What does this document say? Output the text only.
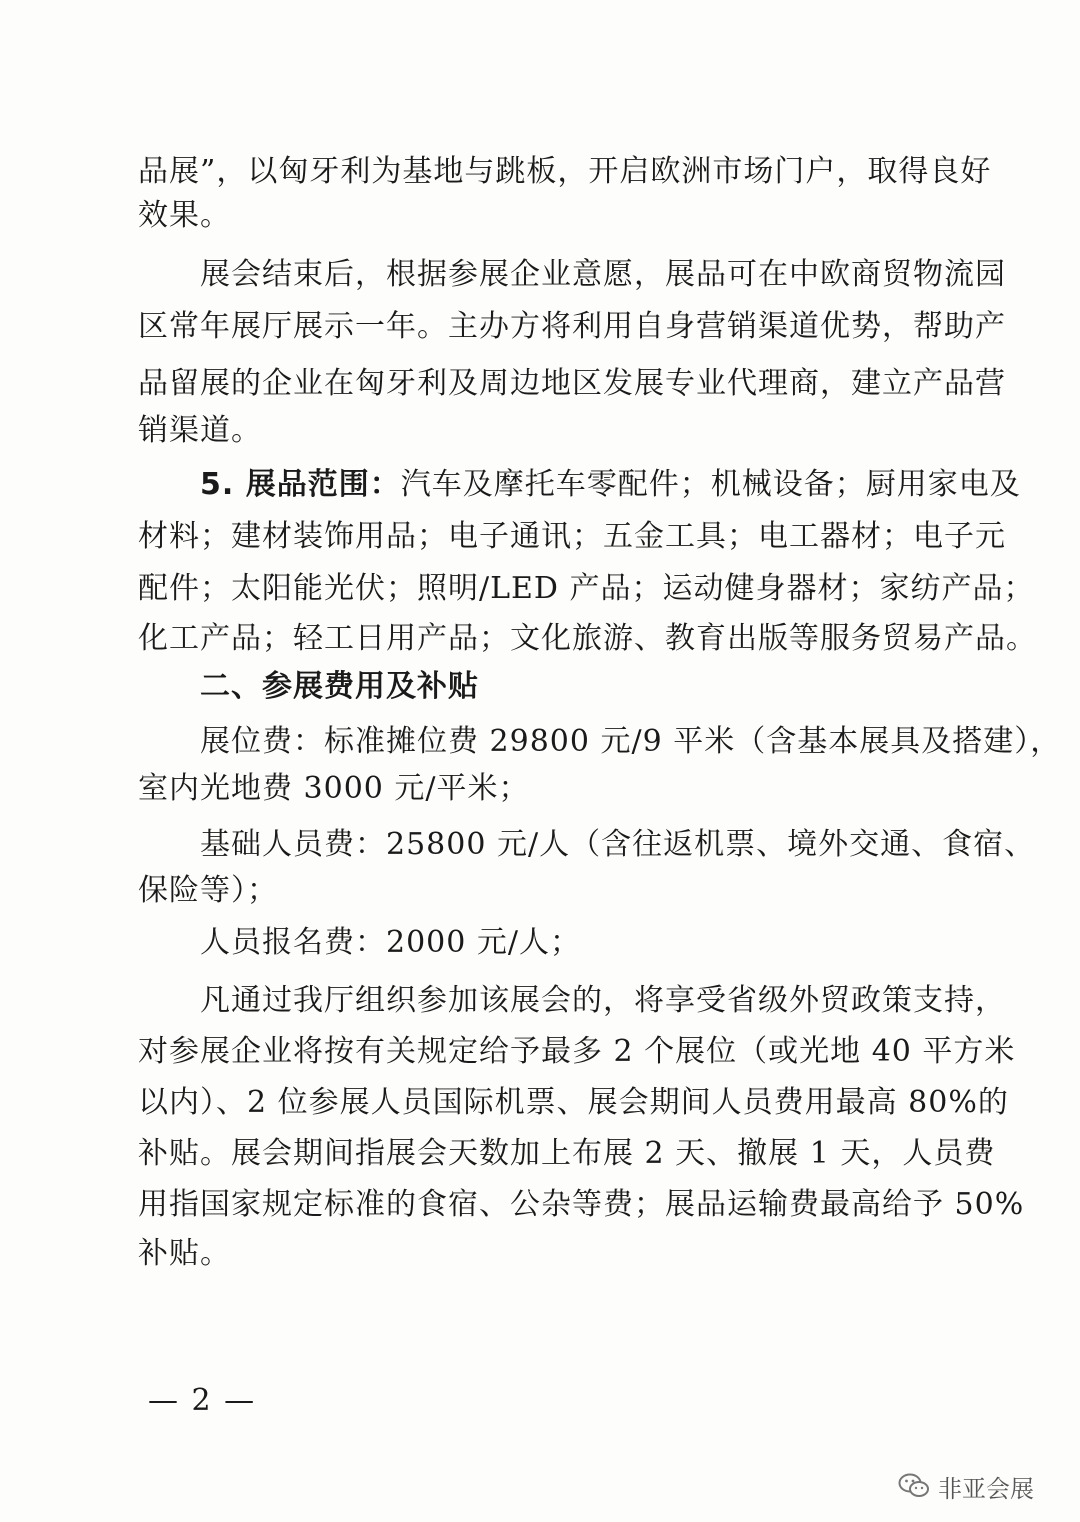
品展”，以匈牙利为基地与跳板，开启欧洲市场门户，取得良好
效果。
展会结束后，根据参展企业意愿，展品可在中欧商贸物流园
区常年展厅展示一年。主办方将利用自身营销渠道优势，帮助产
品留展的企业在匈牙利及周边地区发展专业代理商，建立产品营
销渠道。
5. 展品范围：汽车及摩托车零配件；机械设备；厨用家电及
材料；建材装饰用品；电子通讯；五金工具；电工器材；电子元
配件；太阳能光伏；照明/LED 产品；运动健身器材；家纺产品；
化工产品；轻工日用产品；文化旅游、教育出版等服务贸易产品。
二、参展费用及补贴
展位费：标准摊位费 29800 元/9 平米（含基本展具及搭建），
室内光地费 3000 元/平米；
基础人员费：25800 元/人（含往返机票、境外交通、食宿、
保险等）；
人员报名费：2000 元/人；
凡通过我厅组织参加该展会的，将享受省级外贸政策支持，
对参展企业将按有关规定给予最多 2 个展位（或光地 40 平方米
以内）、2 位参展人员国际机票、展会期间人员费用最高 80%的
补贴。展会期间指展会天数加上布展 2 天、撤展 1 天，人员费
用指国家规定标准的食宿、公杂等费；展品运输费最高给予 50%
补贴。
— 2 —
非亚会展
